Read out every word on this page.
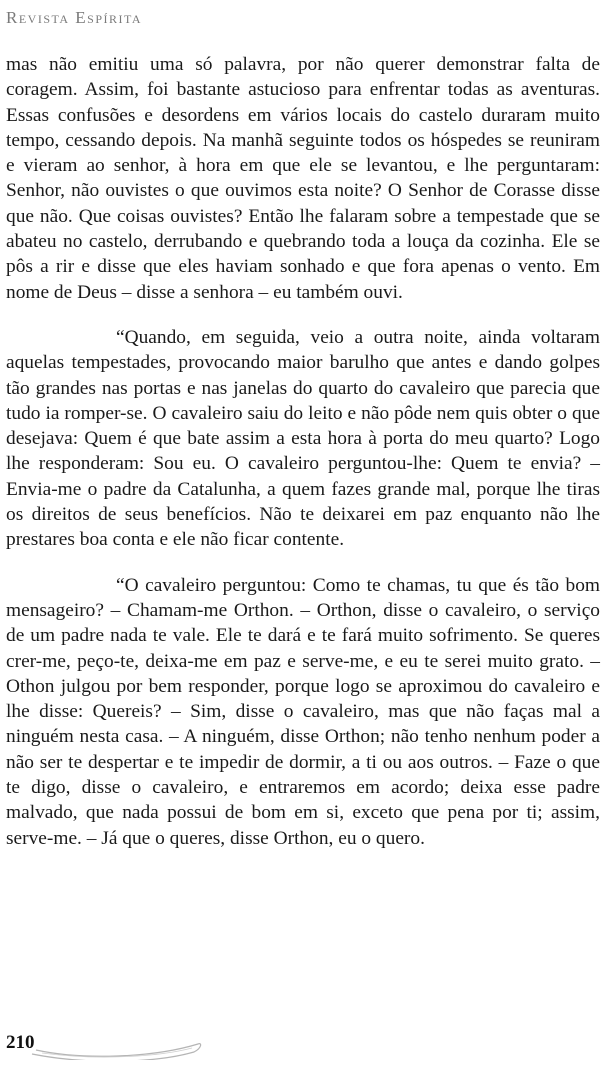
Revista Espírita

mas não emitiu uma só palavra, por não querer demonstrar falta de coragem. Assim, foi bastante astucioso para enfrentar todas as aventuras. Essas confusões e desordens em vários locais do castelo duraram muito tempo, cessando depois. Na manhã seguinte todos os hóspedes se reuniram e vieram ao senhor, à hora em que ele se levantou, e lhe perguntaram: Senhor, não ouvistes o que ouvimos esta noite? O Senhor de Corasse disse que não. Que coisas ouvistes? Então lhe falaram sobre a tempestade que se abateu no castelo, derrubando e quebrando toda a louça da cozinha. Ele se pôs a rir e disse que eles haviam sonhado e que fora apenas o vento. Em nome de Deus – disse a senhora – eu também ouvi.

“Quando, em seguida, veio a outra noite, ainda voltaram aquelas tempestades, provocando maior barulho que antes e dando golpes tão grandes nas portas e nas janelas do quarto do cavaleiro que parecia que tudo ia romper-se. O cavaleiro saiu do leito e não pôde nem quis obter o que desejava: Quem é que bate assim a esta hora à porta do meu quarto? Logo lhe responderam: Sou eu. O cavaleiro perguntou-lhe: Quem te envia? – Envia-me o padre da Catalunha, a quem fazes grande mal, porque lhe tiras os direitos de seus benefícios. Não te deixarei em paz enquanto não lhe prestares boa conta e ele não ficar contente.

“O cavaleiro perguntou: Como te chamas, tu que és tão bom mensageiro? – Chamam-me Orthon. – Orthon, disse o cavaleiro, o serviço de um padre nada te vale. Ele te dará e te fará muito sofrimento. Se queres crer-me, peço-te, deixa-me em paz e serve-me, e eu te serei muito grato. – Othon julgou por bem responder, porque logo se aproximou do cavaleiro e lhe disse: Quereis? – Sim, disse o cavaleiro, mas que não faças mal a ninguém nesta casa. – A ninguém, disse Orthon; não tenho nenhum poder a não ser te despertar e te impedir de dormir, a ti ou aos outros. – Faze o que te digo, disse o cavaleiro, e entraremos em acordo; deixa esse padre malvado, que nada possui de bom em si, exceto que pena por ti; assim, serve-me. – Já que o queres, disse Orthon, eu o quero.

210
